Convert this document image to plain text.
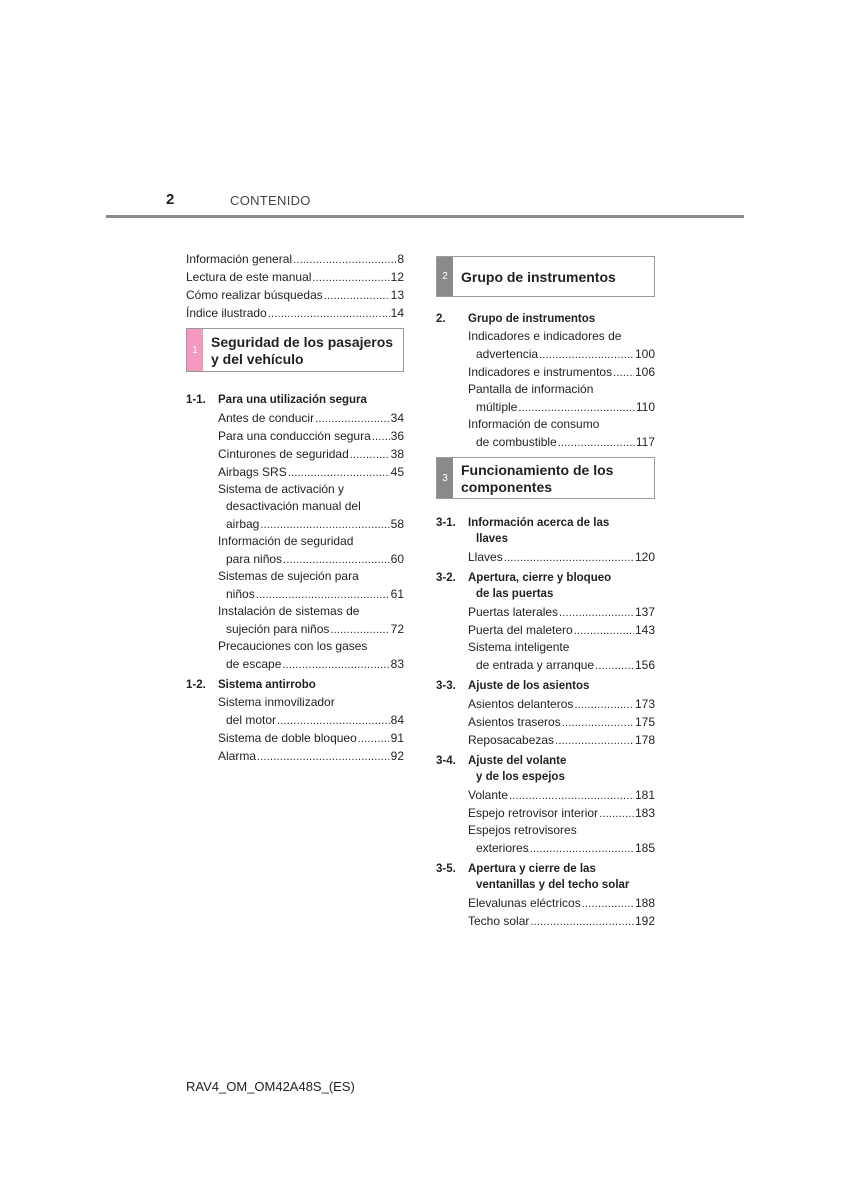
2	CONTENIDO
Información general .....	8
Lectura de este manual .....	12
Cómo realizar búsquedas .....	13
Índice ilustrado .....	14
1 Seguridad de los pasajeros
y del vehículo
1-1.	Para una utilización segura
Antes de conducir .....	34
Para una conducción segura ..... 36
Cinturones de seguridad .....	38
Airbags SRS .....	45
Sistema de activación y
desactivación manual del
airbag .....	58
Información de seguridad
para niños .....	60
Sistemas de sujeción para
niños .....	61
Instalación de sistemas de
sujeción para niños .....	72
Precauciones con los gases
de escape .....	83
1-2.	Sistema antirrobo
Sistema inmovilizador
del motor .....	84
Sistema de doble bloqueo .....	91
Alarma .....	92
2 Grupo de instrumentos
2.	Grupo de instrumentos
Indicadores e indicadores de
advertencia .....	100
Indicadores e instrumentos ..... 106
Pantalla de información
múltiple .....	110
Información de consumo
de combustible .....	117
3 Funcionamiento de los
componentes
3-1.	Información acerca de las
llaves
Llaves .....	120
3-2.	Apertura, cierre y bloqueo
de las puertas
Puertas laterales .....	137
Puerta del maletero .....	143
Sistema inteligente
de entrada y arranque .....	156
3-3.	Ajuste de los asientos
Asientos delanteros .....	173
Asientos traseros .....	175
Reposacabezas .....	178
3-4.	Ajuste del volante
y de los espejos
Volante .....	181
Espejo retrovisor interior .....	183
Espejos retrovisores
exteriores .....	185
3-5.	Apertura y cierre de las
ventanillas y del techo solar
Elevalunas eléctricos .....	188
Techo solar .....	192
RAV4_OM_OM42A48S_(ES)
